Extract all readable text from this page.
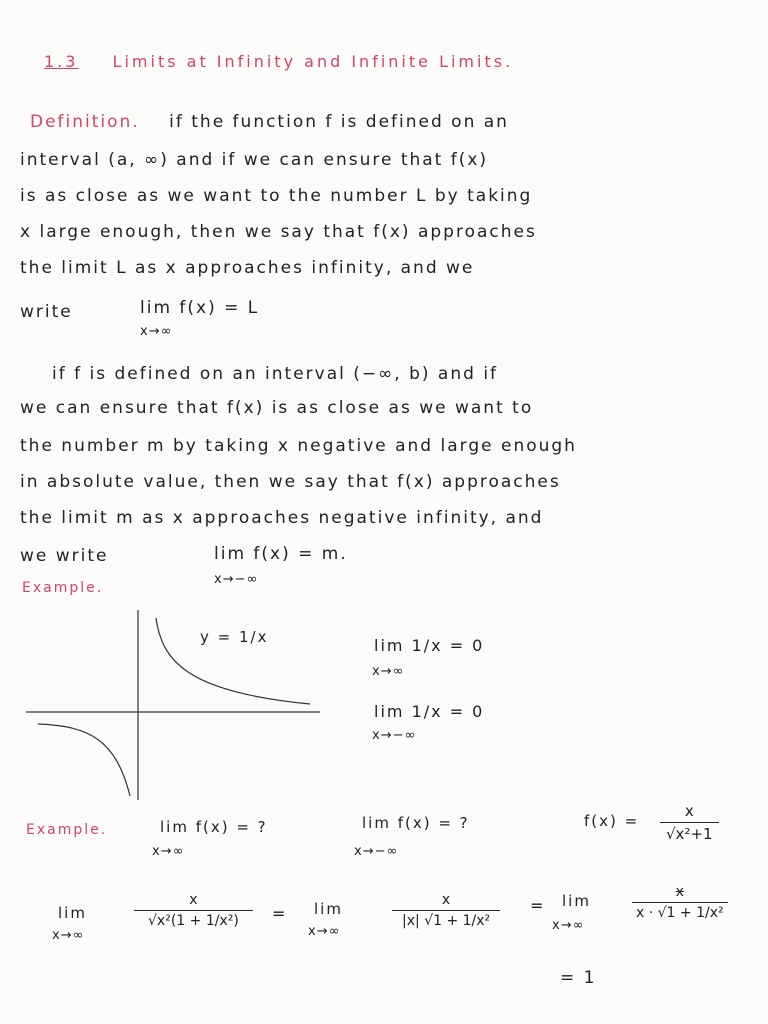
1.3 Limits at Infinity and Infinite Limits.
Definition. if the function f is defined on an
interval (a, ∞) and if we can ensure that f(x)
is as close as we want to the number L by taking
x large enough, then we say that f(x) approaches
the limit L as x approaches infinity, and we
write	lim f(x) = L
x→∞
if f is defined on an interval (−∞, b) and if
we can ensure that f(x) is as close as we want to
the number m by taking x negative and large enough
in absolute value, then we say that f(x) approaches
the limit m as x approaches negative infinity, and
we write	lim f(x) = m.
x→−∞
Example.
y = 1/x	lim 1/x = 0
x→∞
lim 1/x = 0
x→−∞
Example.	lim f(x) = ?
x→∞
lim f(x) = ?
x→−∞
$f(x) = \frac{x}{\text{√x²+1}}$
lim
x→∞
$\frac{x}{\text{√x²(1 + 1/x²)}} = \lim$
x→∞
$\frac{x}{\text{|x| √1 + 1/x²}} = \lim$
x→∞
$\frac{x}{\text{x · √1 + 1/x²}}$
= 1
